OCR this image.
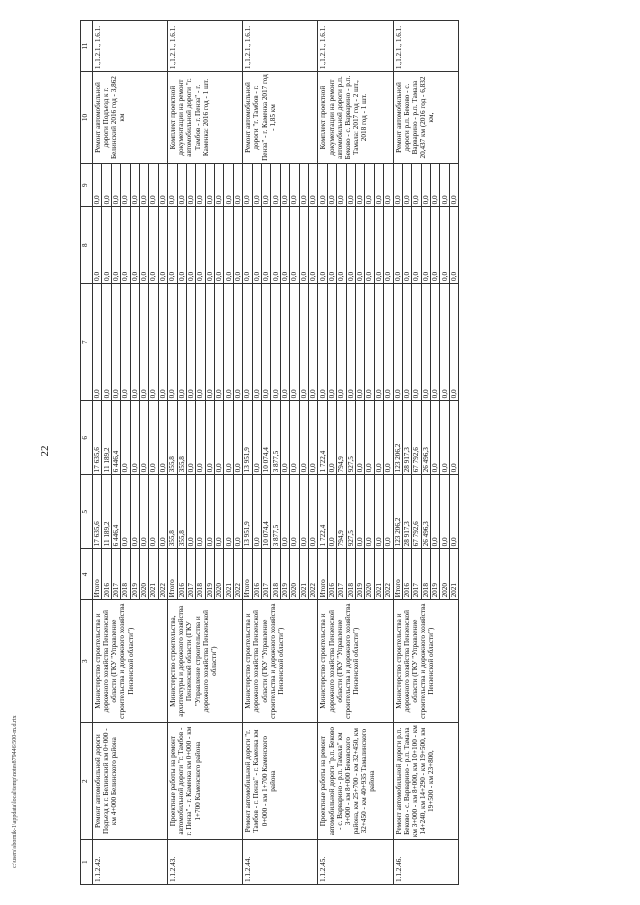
22
c:\users\sbornik-1\appdata\local\temp\notes879446\500-m.d.rtx	1	2	3	4	5	6	7	8	9	10	11
1.1.2.42.	Ремонт автомобильной дороги Подъезд к г. Белинский км 0+000 - км 4+000 Белинского района	Министерство строительства и дорожного хозяйства Пензенской области (ГКУ "Управление строительства и дорожного хозяйства Пензенской области")	Итого	17 635,6	17 635,6	0,0	0,0	0,0	Ремонт автомобильной дороги Подъезд к г. Белинский 2016 год - 3,862 км	1.,1.2.1., 1.6.1.
			2016	11 189,2	11 189,2	0,0	0,0	0,0		
			2017	6 446,4	6 446,4	0,0	0,0	0,0		
			2018	0,0	0,0	0,0	0,0	0,0		
			2019	0,0	0,0	0,0	0,0	0,0		
			2020	0,0	0,0	0,0	0,0	0,0		
			2021	0,0	0,0	0,0	0,0	0,0		
			2022	0,0	0,0	0,0	0,0	0,0		
1.1.2.43.	Проектные работы на ремонт автомобильной дороги "г. Тамбов - г. Пенза" - г. Каменка км 0+000 - км 1+700 Каменского района	Министерство строительства, архитектуры и дорожного хозяйства Пензенской области (ГКУ "Управление строительства и дорожного хозяйства Пензенской области")	Итого	355,8	355,8	0,0	0,0	0,0	Комплект проектной документации на ремонт автомобильной дороги "г. Тамбов - г. Пенза" - г. Каменка: 2016 год - 1 шт.	1.,1.2.1., 1.6.1.
			2016	355,8	355,8	0,0	0,0	0,0		
			2017	0,0	0,0	0,0	0,0	0,0		
			2018	0,0	0,0	0,0	0,0	0,0		
			2019	0,0	0,0	0,0	0,0	0,0		
			2020	0,0	0,0	0,0	0,0	0,0		
			2021	0,0	0,0	0,0	0,0	0,0		
			2022	0,0	0,0	0,0	0,0	0,0		
1.1.2.44.	Ремонт автомобильной дороги "г. Тамбов - г. Пенза" - г. Каменка км 0+000 - км 1+700 Каменского района	Министерство строительства и дорожного хозяйства Пензенской области (ГКУ "Управление строительства и дорожного хозяйства Пензенской области")	Итого	13 951,9	13 951,9	0,0	0,0	0,0	Ремонт автомобильной дороги "г. Тамбов - г. Пенза" - г. Каменка 2017 год - 1,85 км	1.,1.2.1., 1.6.1.
			2016	0,0	0,0	0,0	0,0	0,0		
			2017	10 074,4	10 074,4	0,0	0,0	0,0		
			2018	3 877,5	3 877,5	0,0	0,0	0,0		
			2019	0,0	0,0	0,0	0,0	0,0		
			2020	0,0	0,0	0,0	0,0	0,0		
			2021	0,0	0,0	0,0	0,0	0,0		
			2022	0,0	0,0	0,0	0,0	0,0		
1.1.2.45.	Проектные работы на ремонт автомобильной дороги "р.п. Беково - с. Варварино - р.п. Тамала" км 3+000 - км 8+000 Бековского района, км 25+700 - км 32+450, км 32+450 - км 40+935 Тамалинского района	Министерство строительства и дорожного хозяйства Пензенской области (ГКУ "Управление строительства и дорожного хозяйства Пензенской области")	Итого	1 722,4	1 722,4	0,0	0,0	0,0	Комплект проектной документации на ремонт автомобильной дороги р.п. Беково - с. Варварино - р.п. Тамала: 2017 год - 2 шт., 2018 год - 1 шт.	1.,1.2.1., 1.6.1.
			2016	0,0	0,0	0,0	0,0	0,0		
			2017	794,9	794,9	0,0	0,0	0,0		
			2018	927,5	927,5	0,0	0,0	0,0		
			2019	0,0	0,0	0,0	0,0	0,0		
			2020	0,0	0,0	0,0	0,0	0,0		
			2021	0,0	0,0	0,0	0,0	0,0		
			2022	0,0	0,0	0,0	0,0	0,0		
1.1.2.46.	Ремонт автомобильной дороги р.п. Беково - с. Варварино - р.п. Тамала км 3+000 - км 8+000, км 10+100 - км 14+240, км 14+290 - км 19+500, км 19+500 - км 23+800,	Министерство строительства и дорожного хозяйства Пензенской области (ГКУ "Управление строительства и дорожного хозяйства Пензенской области")	Итого	123 206,2	123 206,2	0,0	0,0	0,0	Ремонт автомобильной дороги р.п. Беково - с. Варварино - р.п. Тамала 20,437 км (2016 год - 6,832 км,	1.,1.2.1., 1.6.1.
			2016	28 917,3	28 917,3	0,0	0,0	0,0		
			2017	67 792,6	67 792,6	0,0	0,0	0,0		
			2018	26 496,3	26 496,3	0,0	0,0	0,0		
			2019	0,0	0,0	0,0	0,0	0,0		
			2020	0,0	0,0	0,0	0,0	0,0		
			2021	0,0	0,0	0,0	0,0	0,0		
